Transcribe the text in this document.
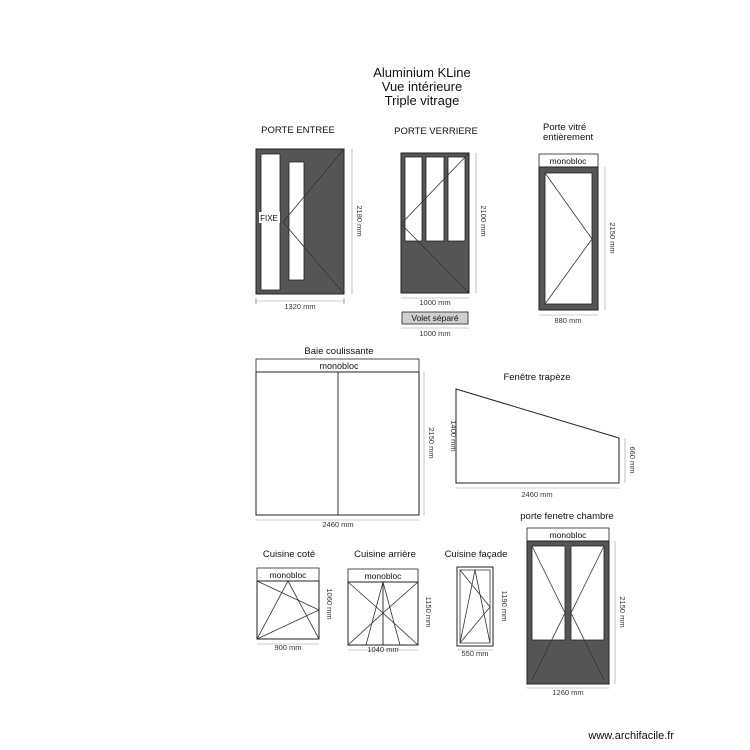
Aluminium KLine
Vue intérieure
Triple vitrage
PORTE ENTREE
FIXE
1320 mm
2180 mm
PORTE VERRIERE
1000 mm
2100 mm
Volet séparé
1000 mm
Porte vitré
entièrement
monobloc
880 mm
2150 mm
Baie coulissante
monobloc
2460 mm
2150 mm
Fenêtre trapèze
2460 mm
1400 mm
660 mm
porte fenetre chambre
monobloc
1260 mm
2150 mm
Cuisine coté
monobloc
900 mm
1060 mm
Cuisine arrière
monobloc
1040 mm
1150 mm
Cuisine façade
550 mm
1190 mm
www.archifacile.fr
